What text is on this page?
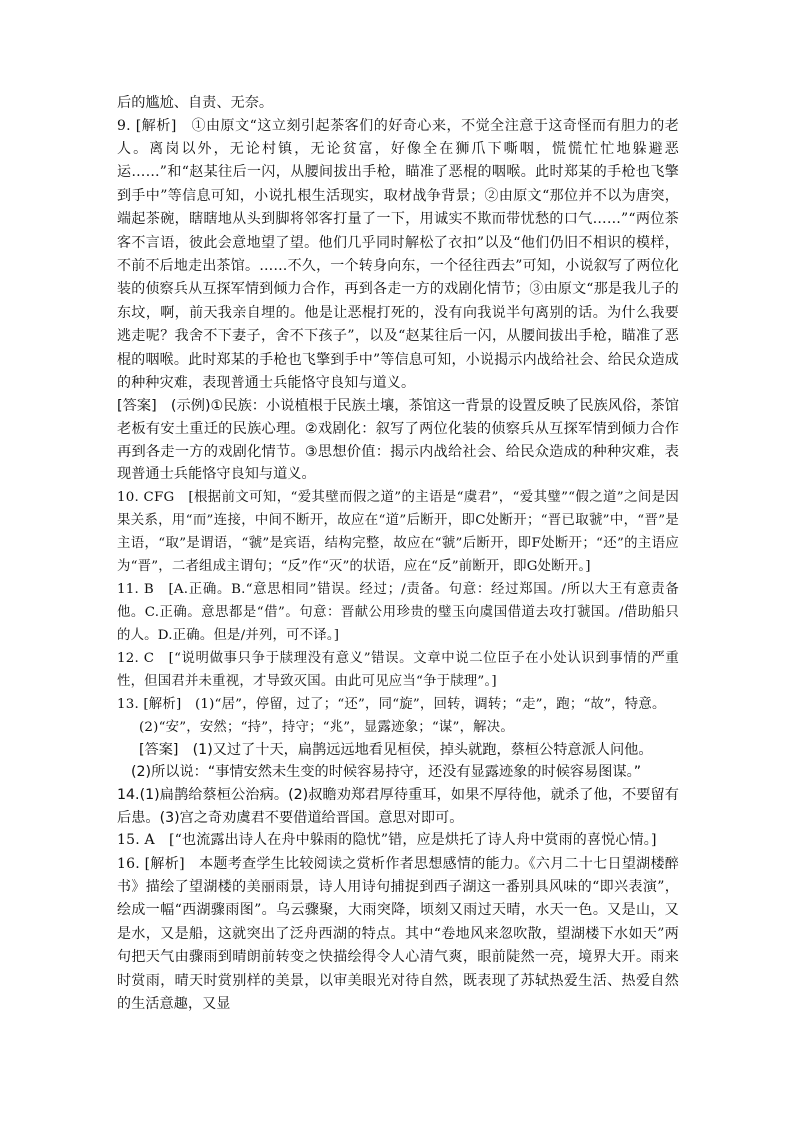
后的尴尬、自责、无奈。

9. [解析]　①由原文“这立刻引起茶客们的好奇心来，不觉全注意于这奇怪而有胆力的老人。离岗以外，无论村镇，无论贫富，好像全在狮爪下嘶咽，慌慌忙忙地躲避恶运……”和“赵某往后一闪，从腰间拔出手枪，瞄准了恶棍的咽喉。此时郑某的手枪也飞擎到手中”等信息可知，小说扎根生活现实，取材战争背景；②由原文“那位并不以为唐突，端起茶碗，瞎瞎地从头到脚将邻客打量了一下，用诚实不欺而带忧愁的口气……”“两位茶客不言语，彼此会意地望了望。他们几乎同时解松了衣扣”以及“他们仍旧不相识的模样，不前不后地走出茶馆。……不久，一个转身向东，一个径往西去”可知，小说叙写了两位化装的侦察兵从互探军情到倾力合作，再到各走一方的戏剧化情节；③由原文“那是我儿子的东坟，啊，前天我亲自埋的。他是让恶棍打死的，没有向我说半句离别的话。为什么我要逃走呢？我舍不下妻子，舍不下孩子”，以及“赵某往后一闪，从腰间拔出手枪，瞄准了恶棍的咽喉。此时郑某的手枪也飞擎到手中”等信息可知，小说揭示内战给社会、给民众造成的种种灾难，表现普通士兵能恪守良知与道义。

[答案]　(示例)①民族：小说植根于民族土壤，茶馆这一背景的设置反映了民族风俗，茶馆老板有安土重迁的民族心理。②戏剧化：叙写了两位化装的侦察兵从互探军情到倾力合作再到各走一方的戏剧化情节。③思想价值：揭示内战给社会、给民众造成的种种灾难，表现普通士兵能恪守良知与道义。

10. CFG　[根据前文可知，“爱其壁而假之道”的主语是“虞君”，“爱其璧”“假之道”之间是因果关系，用“而”连接，中间不断开，故应在“道”后断开，即C处断开；“晋已取虢”中，“晋”是主语，“取”是谓语，“虢”是宾语，结构完整，故应在“虢”后断开，即F处断开；“还”的主语应为“晋”，二者组成主谓句；“反”作“灭”的状语，应在“反”前断开，即G处断开。]

11. B　[A.正确。B.“意思相同”错误。经过；/责备。句意：经过郑国。/所以大王有意责备他。C.正确。意思都是“借”。句意：晋献公用珍贵的璧玉向虞国借道去攻打虢国。/借助船只的人。D.正确。但是/并列，可不译。]

12. C　[“说明做事只争于牍理没有意义”错误。文章中说二位臣子在小处认识到事情的严重性，但国君并未重视，才导致灭国。由此可见应当“争于牍理”。]

13. [解析]　(1)“居”，停留，过了；“还”，同“旋”，回转，调转；“走”，跑；“故”，特意。

(2)“安”，安然；“持”，持守；“兆”，显露迹象；“谋”，解决。

[答案]　(1)又过了十天，扁鹊远远地看见桓侯，掉头就跑，蔡桓公特意派人问他。

(2)所以说：“事情安然未生变的时候容易持守，还没有显露迹象的时候容易图谋。”

14.(1)扁鹊给蔡桓公治病。(2)叔瞻劝郑君厚待重耳，如果不厚待他，就杀了他，不要留有后患。(3)宫之奇劝虞君不要借道给晋国。意思对即可。

15. A　[“也流露出诗人在舟中躲雨的隐忧”错，应是烘托了诗人舟中赏雨的喜悦心情。]

16. [解析]　本题考查学生比较阅读之赏析作者思想感情的能力。《六月二十七日望湖楼醉书》描绘了望湖楼的美丽雨景，诗人用诗句捕捉到西子湖这一番别具风味的“即兴表演”，绘成一幅“西湖骤雨图”。乌云骤聚，大雨突降，顷刻又雨过天晴，水天一色。又是山，又是水，又是船，这就突出了泛舟西湖的特点。其中“卷地风来忽吹散，望湖楼下水如天”两句把天气由骤雨到晴朗前转变之快描绘得令人心清气爽，眼前陡然一亮，境界大开。雨来时赏雨，晴天时赏别样的美景，以审美眼光对待自然，既表现了苏轼热爱生活、热爱自然的生活意趣，又显
